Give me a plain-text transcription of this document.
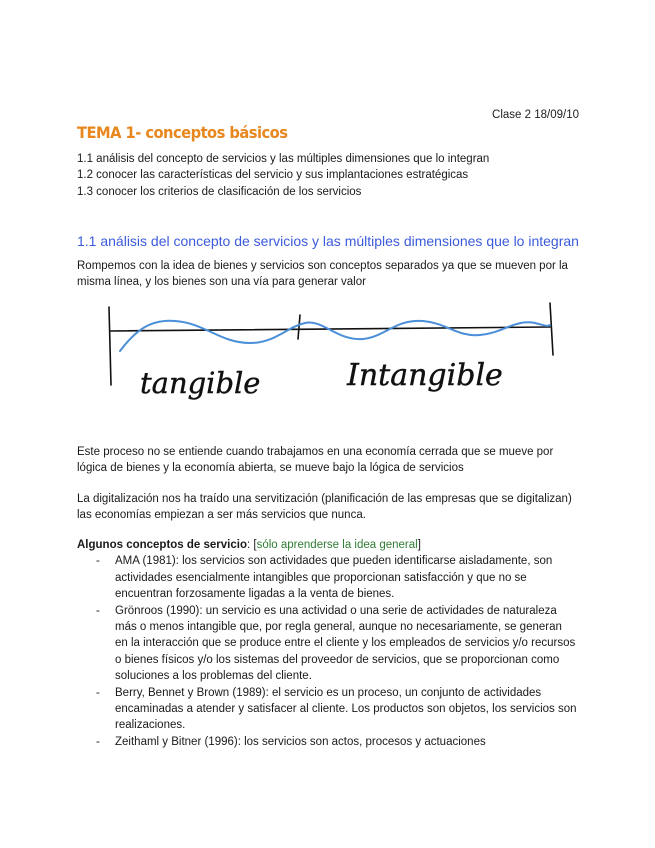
Clase 2 18/09/10
TEMA 1- conceptos básicos
1.1 análisis del concepto de servicios y las múltiples dimensiones que lo integran
1.2 conocer las características del servicio y sus implantaciones estratégicas
1.3 conocer los criterios de clasificación de los servicios
1.1 análisis del concepto de servicios y las múltiples dimensiones que lo integran
Rompemos con la idea de bienes y servicios son conceptos separados ya que se mueven por la misma línea, y los bienes son una vía para generar valor
tangible	Intangible
Este proceso no se entiende cuando trabajamos en una economía cerrada que se mueve por lógica de bienes y la economía abierta, se mueve bajo la lógica de servicios
La digitalización nos ha traído una servitización (planificación de las empresas que se digitalizan) las economías empiezan a ser más servicios que nunca.
Algunos conceptos de servicio: [sólo aprenderse la idea general]
- AMA (1981): los servicios son actividades que pueden identificarse aisladamente, son actividades esencialmente intangibles que proporcionan satisfacción y que no se encuentran forzosamente ligadas a la venta de bienes.
- Grönroos (1990): un servicio es una actividad o una serie de actividades de naturaleza más o menos intangible que, por regla general, aunque no necesariamente, se generan en la interacción que se produce entre el cliente y los empleados de servicios y/o recursos o bienes físicos y/o los sistemas del proveedor de servicios, que se proporcionan como soluciones a los problemas del cliente.
- Berry, Bennet y Brown (1989): el servicio es un proceso, un conjunto de actividades encaminadas a atender y satisfacer al cliente. Los productos son objetos, los servicios son realizaciones.
- Zeithaml y Bitner (1996): los servicios son actos, procesos y actuaciones
